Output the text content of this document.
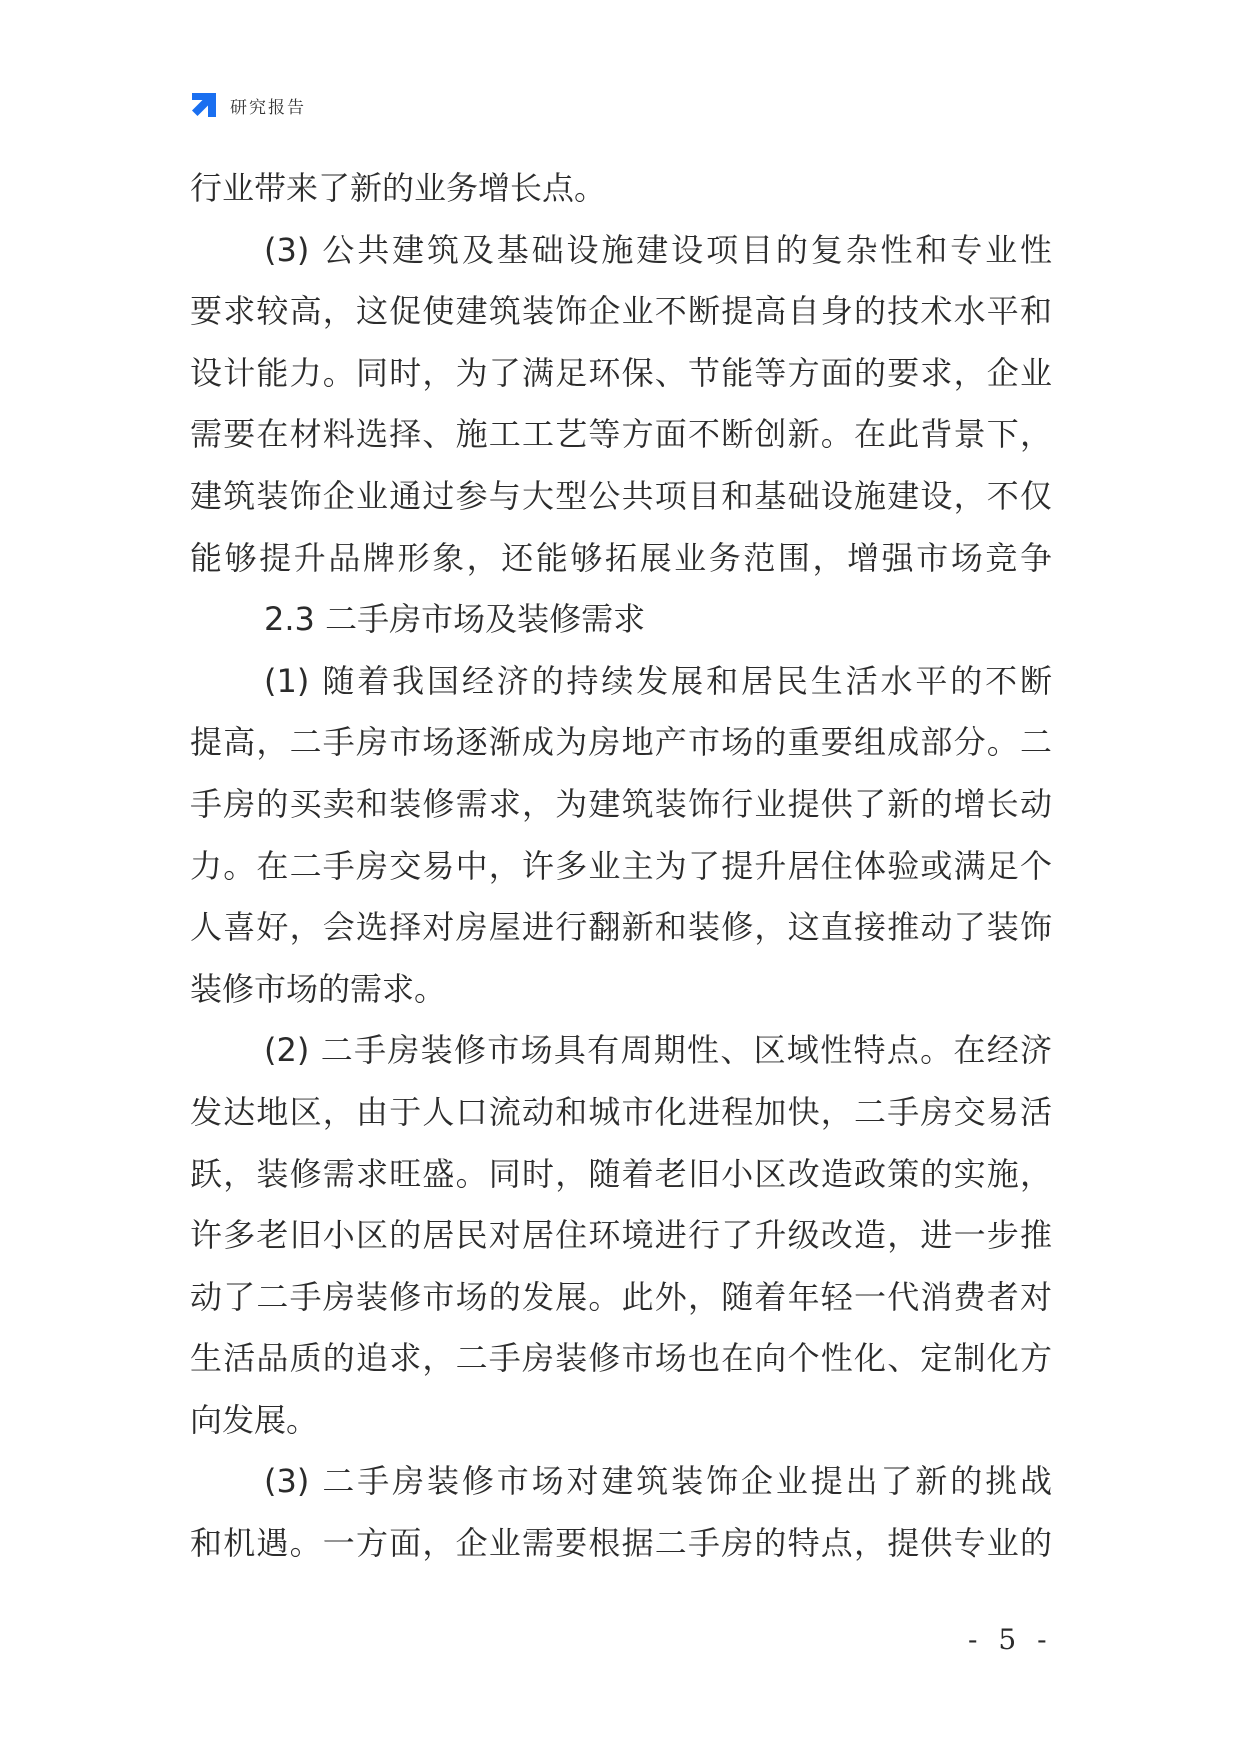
研究报告
行业带来了新的业务增长点。
(3) 公共建筑及基础设施建设项目的复杂性和专业性
要求较高，这促使建筑装饰企业不断提高自身的技术水平和
设计能力。同时，为了满足环保、节能等方面的要求，企业
需要在材料选择、施工工艺等方面不断创新。在此背景下，
建筑装饰企业通过参与大型公共项目和基础设施建设，不仅
能够提升品牌形象，还能够拓展业务范围，增强市场竞争
2.3 二手房市场及装修需求
(1) 随着我国经济的持续发展和居民生活水平的不断
提高，二手房市场逐渐成为房地产市场的重要组成部分。二
手房的买卖和装修需求，为建筑装饰行业提供了新的增长动
力。在二手房交易中，许多业主为了提升居住体验或满足个
人喜好，会选择对房屋进行翻新和装修，这直接推动了装饰
装修市场的需求。
(2) 二手房装修市场具有周期性、区域性特点。在经济
发达地区，由于人口流动和城市化进程加快，二手房交易活
跃，装修需求旺盛。同时，随着老旧小区改造政策的实施，
许多老旧小区的居民对居住环境进行了升级改造，进一步推
动了二手房装修市场的发展。此外，随着年轻一代消费者对
生活品质的追求，二手房装修市场也在向个性化、定制化方
向发展。
(3) 二手房装修市场对建筑装饰企业提出了新的挑战
和机遇。一方面，企业需要根据二手房的特点，提供专业的
- 5 -
